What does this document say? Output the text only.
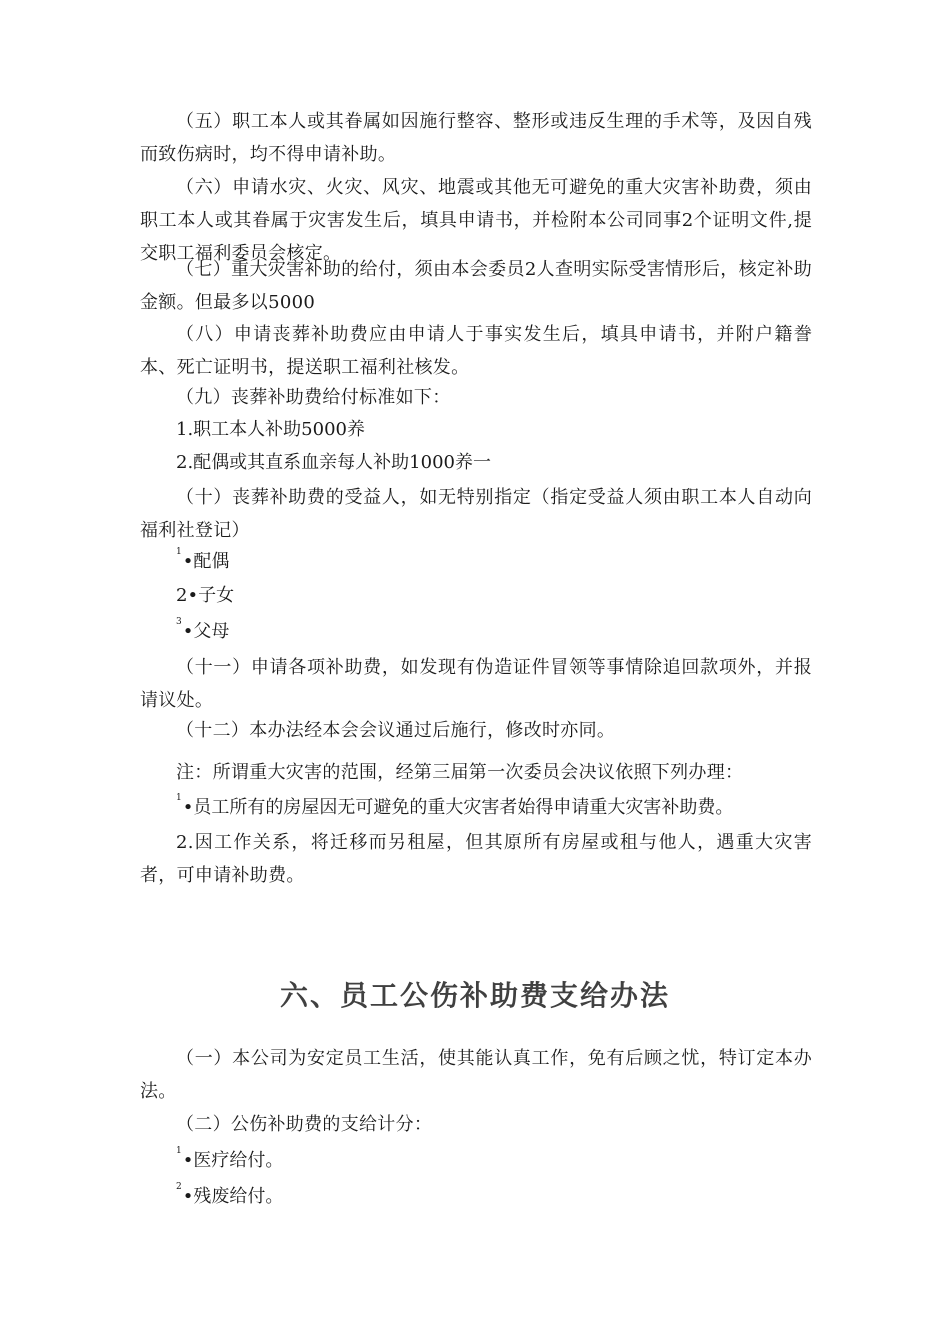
（五）职工本人或其眷属如因施行整容、整形或违反生理的手术等，及因自残而致伤病时，均不得申请补助。

（六）申请水灾、火灾、风灾、地震或其他无可避免的重大灾害补助费，须由职工本人或其眷属于灾害发生后，填具申请书，并检附本公司同事2个证明文件,提交职工福利委员会核定。

（七）重大灾害补助的给付，须由本会委员2人查明实际受害情形后，核定补助金额。但最多以5000

（八）申请丧葬补助费应由申请人于事实发生后，填具申请书，并附户籍誊本、死亡证明书，提送职工福利社核发。

（九）丧葬补助费给付标准如下：

1.职工本人补助5000养

2.配偶或其直系血亲每人补助1000养一

（十）丧葬补助费的受益人，如无特别指定（指定受益人须由职工本人自动向福利社登记）

$^1$•配偶

2•子女

$^3$•父母

（十一）申请各项补助费，如发现有伪造证件冒领等事情除追回款项外，并报请议处。

（十二）本办法经本会会议通过后施行，修改时亦同。

注：所谓重大灾害的范围，经第三届第一次委员会决议依照下列办理：

$^1$•员工所有的房屋因无可避免的重大灾害者始得申请重大灾害补助费。

2.因工作关系，将迁移而另租屋，但其原所有房屋或租与他人，遇重大灾害者，可申请补助费。

六、员工公伤补助费支给办法

（一）本公司为安定员工生活，使其能认真工作，免有后顾之忧，特订定本办法。

（二）公伤补助费的支给计分：

$^1$•医疗给付。

$^2$•残废给付。
